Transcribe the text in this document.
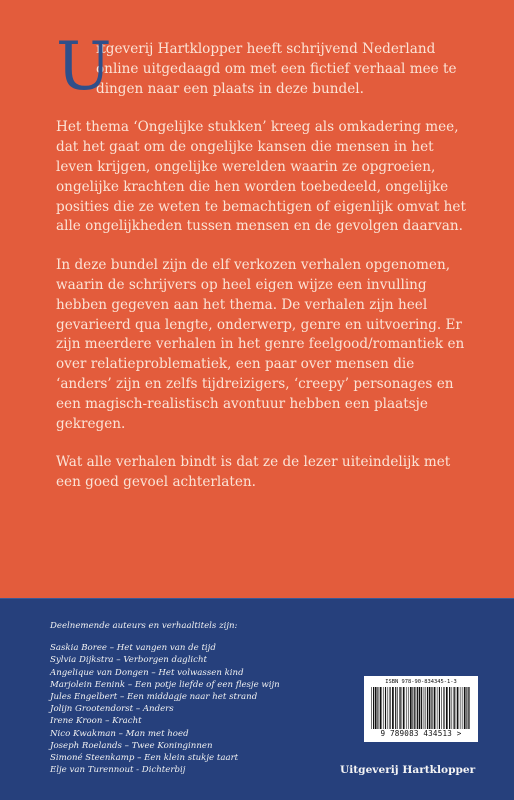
U
itgeverij Hartklopper heeft schrijvend Nederland online uitgedaagd om met een fictief verhaal mee te dingen naar een plaats in deze bundel.

Het thema ‘Ongelijke stukken’ kreeg als omkadering mee, dat het gaat om de ongelijke kansen die mensen in het leven krijgen, ongelijke werelden waarin ze opgroeien, ongelijke krachten die hen worden toebedeeld, ongelijke posities die ze weten te bemachtigen of eigenlijk omvat het alle ongelijkheden tussen mensen en de gevolgen daarvan.

In deze bundel zijn de elf verkozen verhalen opgenomen, waarin de schrijvers op heel eigen wijze een invulling hebben gegeven aan het thema. De verhalen zijn heel gevarieerd qua lengte, onderwerp, genre en uitvoering. Er zijn meerdere verhalen in het genre feelgood/romantiek en over relatieproblematiek, een paar over mensen die ‘anders’ zijn en zelfs tijdreizigers, ‘creepy’ personages en een magisch-realistisch avontuur hebben een plaatsje gekregen.

Wat alle verhalen bindt is dat ze de lezer uiteindelijk met een goed gevoel achterlaten.

Deelnemende auteurs en verhaaltitels zijn:
Saskia Boree – Het vangen van de tijd
Sylvia Dijkstra – Verborgen daglicht
Angelique van Dongen – Het volwassen kind
Marjolein Eenink – Een potje liefde of een flesje wijn
Jules Engelbert – Een middagje naar het strand
Jolijn Grootendorst – Anders
Irene Kroon – Kracht
Nico Kwakman – Man met hoed
Joseph Roelands – Twee Koninginnen
Simoné Steenkamp – Een klein stukje taart
Elje van Turennout - Dichterbij
ISBN 978-90-834345-1-3
9 789083 434513 >
Uitgeverij Hartklopper
